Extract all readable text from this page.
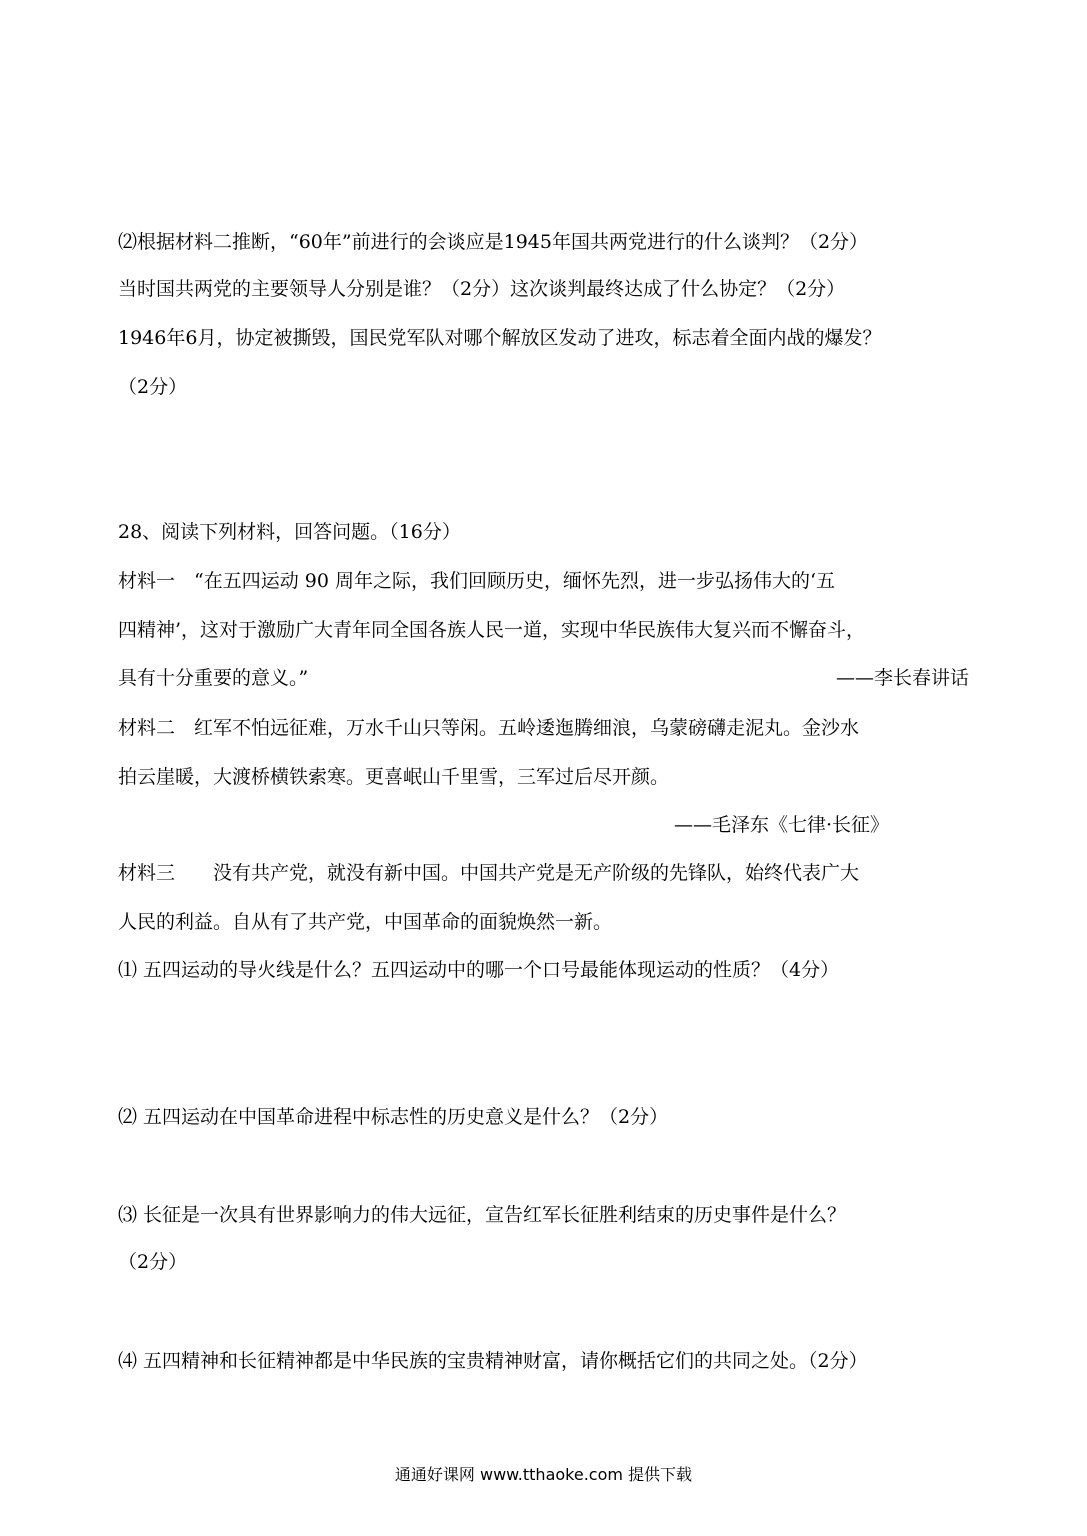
⑵根据材料二推断，“60年”前进行的会谈应是1945年国共两党进行的什么谈判？（2分）
当时国共两党的主要领导人分别是谁？（2分）这次谈判最终达成了什么协定？（2分）
1946年6月，协定被撕毁，国民党军队对哪个解放区发动了进攻，标志着全面内战的爆发？
（2分）
28、阅读下列材料，回答问题。（16分）
材料一　“在五四运动 90 周年之际，我们回顾历史，缅怀先烈，进一步弘扬伟大的‘五
四精神’，这对于激励广大青年同全国各族人民一道，实现中华民族伟大复兴而不懈奋斗，
具有十分重要的意义。”	——李长春讲话
材料二　红军不怕远征难，万水千山只等闲。五岭逶迤腾细浪，乌蒙磅礴走泥丸。金沙水
拍云崖暖，大渡桥横铁索寒。更喜岷山千里雪，三军过后尽开颜。
——毛泽东《七律·长征》
材料三　　没有共产党，就没有新中国。中国共产党是无产阶级的先锋队，始终代表广大
人民的利益。自从有了共产党，中国革命的面貌焕然一新。
⑴ 五四运动的导火线是什么？五四运动中的哪一个口号最能体现运动的性质？（4分）
⑵ 五四运动在中国革命进程中标志性的历史意义是什么？（2分）
⑶ 长征是一次具有世界影响力的伟大远征，宣告红军长征胜利结束的历史事件是什么？
（2分）
⑷ 五四精神和长征精神都是中华民族的宝贵精神财富，请你概括它们的共同之处。（2分）
通通好课网 www.tthaoke.com 提供下载
